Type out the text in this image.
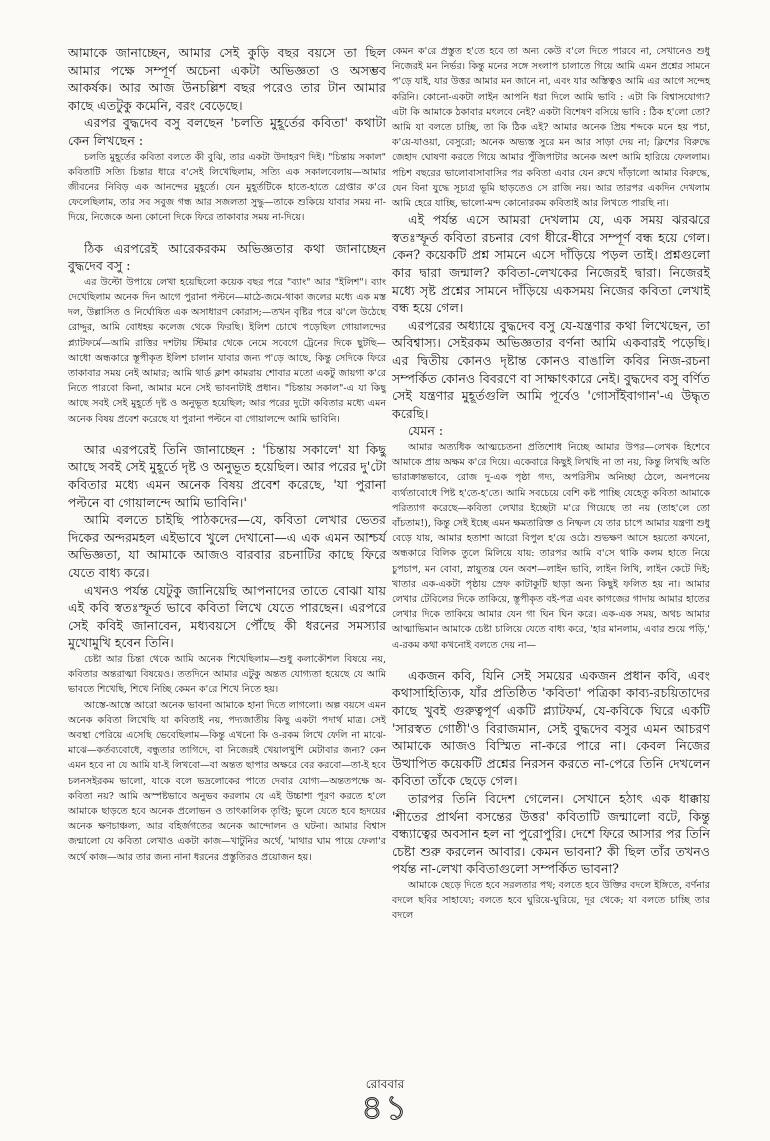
আমাকে জানাচ্ছেন, আমার সেই কুড়ি বছর বয়সে তা ছিল আমার পক্ষে সম্পূর্ণ অচেনা একটা অভিজ্ঞতা ও অসম্ভব আকর্ষক। আর আজ উনচল্লিশ বছর পরেও তার টান আমার কাছে এতটুকু কমেনি, বরং বেড়েছে।

এরপর বুদ্ধদেব বসু বলছেন 'চলতি মুহূর্তের কবিতা' কথাটা কেন লিখছেন :

চলতি মুহূর্তের কবিতা বলতে কী বুঝি, তার একটা উদাহরণ দিই। "চিন্তায় সকাল" কবিতাটি সত্যি চিন্তার ধারে ব'সেই লিখেছিলাম, সত্যি এক সকালবেলায়—আমার জীবনের নিবিড় এক আনন্দের মুহূর্তে। যেন মুহূর্তটিকে হাতে-হাতে গ্রেপ্তার ক'রে ফেলেছিলাম, তার সব সবুজ গন্ধ আর সজলতা সুদ্ধু—তাকে শুকিয়ে যাবার সময় না-দিয়ে, নিজেকে অন্য কোনো দিকে ফিরে তাকাবার সময় না-দিয়ে।

ঠিক এরপরেই আরেকরকম অভিজ্ঞতার কথা জানাচ্ছেন বুদ্ধদেব বসু :

এর উল্টো উপায়ে লেখা হয়েছিলো কয়েক বছর পরে "ব্যাং" আর "ইলিশ"। ব্যাং দেখেছিলাম অনেক দিন আগে পুরানা পল্টনে—মাঠে-জমে-থাকা জলের মধ্যে এক মস্ত দল, উল্লাসিত ও নির্ঘোষিত এক অসাধারণ কোরাস;—তখন বৃষ্টির পরে ঝ'লে উঠেছে রোদ্দুর, আমি বোধহয় কলেজ থেকে ফিরছি। ইলিশ চোখে পড়েছিল গোয়ালন্দের প্ল্যাটফর্মে—আমি রাত্তির দশটায় স্টিমার থেকে নেমে সবেগে ট্রেনের দিকে ছুটছি—আধো অন্ধকারে স্তূপীকৃত ইলিশ চালান যাবার জন্য প'ড়ে আছে, কিন্তু সেদিকে ফিরে তাকাবার সময় নেই আমার; আমি থার্ড ক্লাশ কামরায় শোবার মতো একটু জায়গা ক'রে নিতে পারবো কিনা, আমার মনে সেই ভাবনাটাই প্রধান। "চিন্তায় সকাল"-এ যা কিছু আছে সবই সেই মুহূর্তে দৃষ্ট ও অনুভূত হয়েছিল; আর পরের দুটো কবিতার মধ্যে এমন অনেক বিষয় প্রবেশ করেছে যা পুরানা পল্টনে বা গোয়ালন্দে আমি ভাবিনি।

আর এরপরেই তিনি জানাচ্ছেন : 'চিন্তায় সকালে' যা কিছু আছে সবই সেই মুহূর্তে দৃষ্ট ও অনুভূত হয়েছিল। আর পরের দু'টো কবিতার মধ্যে এমন অনেক বিষয় প্রবেশ করেছে, 'যা পুরানা পল্টনে বা গোয়ালন্দে আমি ভাবিনি।'

আমি বলতে চাইছি পাঠকদের—যে, কবিতা লেখার ভেতর দিকের অন্দরমহল এইভাবে খুলে দেখানো—এ এক এমন আশ্চর্য অভিজ্ঞতা, যা আমাকে আজও বারবার রচনাটির কাছে ফিরে যেতে বাধ্য করে।

এখনও পর্যন্ত যেটুকু জানিয়েছি আপনাদের তাতে বোঝা যায় এই কবি স্বতঃস্ফূর্ত ভাবে কবিতা লিখে যেতে পারছেন। এরপরে সেই কবিই জানাবেন, মধ্যবয়সে পৌঁছে কী ধরনের সমস্যার মুখোমুখি হবেন তিনি।

চেষ্টা আর চিন্তা থেকে আমি অনেক শিখেছিলাম—শুধু কলাকৌশল বিষয়ে নয়, কবিতার অন্তরাত্মা বিষয়েও। ততদিনে আমার এটুকু অন্তত যোগ্যতা হয়েছে যে আমি ভাবতে শিখেছি, শিখে নিচ্ছি কেমন ক'রে শিখে নিতে হয়।

আস্তে-আস্তে আরো অনেক ভাবনা আমাকে হানা দিতে লাগলো। অল্প বয়সে এমন অনেক কবিতা লিখেছি যা কবিতাই নয়, পদ্যজাতীয় কিছু একটা পদার্থ মাত্র। সেই অবস্থা পেরিয়ে এসেছি ভেবেছিলাম—কিন্তু এখনো কি ও-রকম লিখে ফেলি না মাঝে-মাঝে—কর্তব্যবোধে, বন্ধুতার তাগিদে, বা নিজেরই খেয়ালখুশি মেটাবার জন্য? কেন এমন হবে না যে আমি যা-ই লিখবো—বা অন্তত ছাপার অক্ষরে বের করবো—তা-ই হবে চলনসইরকম ভালো, যাকে বলে ভদ্রলোকের পাতে দেবার যোগ্য—অন্ততপক্ষে অ-কবিতা নয়? আমি অস্পষ্টভাবে অনুভব করলাম যে এই উচ্চাশা পূরণ করতে হ'লে আমাকে ছাড়তে হবে অনেক প্রলোভন ও তাৎকালিক তৃপ্তি; ভুলে যেতে হবে হৃদয়ের অনেক ক্ষণচাঞ্চল্য, আর বহির্জগতের অনেক আন্দোলন ও ঘটনা। আমার বিশ্বাস জন্মালো যে কবিতা লেখাও একটা কাজ—খাটুনির অর্থে, 'মাথার ঘাম পায়ে ফেলা'র অর্থে কাজ—আর তার জন্য নানা ধরনের প্রস্তুতিরও প্রয়োজন হয়।

কেমন ক'রে প্রস্তুত হ'তে হবে তা অন্য কেউ ব'লে দিতে পারবে না, সেখানেও শুধু নিজেরই মন নির্ভর। কিন্তু মনের সঙ্গে সংলাপ চালাতে গিয়ে আমি এমন প্রশ্নের সামনে প'ড়ে যাই, যার উত্তর আমার মন জানে না, এবং যার অস্তিত্বও আমি এর আগে সন্দেহ করিনি। কোনো-একটা লাইন আপনি ধরা দিলে আমি ভাবি : এটা কি বিশ্বাসযোগ্য? এটা কি আমাকে ঠকাবার মৎলবে নেই? একটা বিশেষণ বসিয়ে ভাবি : ঠিক হ'লো তো? আমি যা বলতে চাচ্ছি, তা কি ঠিক এই? আমার অনেক প্রিয় শব্দকে মনে হয় পচা, ক'য়ে-যাওয়া, বেসুরো; অনেক অভ্যস্ত সুরে মন আর সাড়া দেয় না; ক্লিশের বিরুদ্ধে জেহাদ ঘোষণা করতে গিয়ে আমার পুঁজিপাটার অনেক অংশ আমি হারিয়ে ফেললাম। পচিশ বছরের ভালোবাসাবাসির পর কবিতা এবার যেন রুখে দাঁড়ালো আমার বিরুদ্ধে, যেন বিনা যুদ্ধে সূচ্যগ্র ভূমি ছাড়তেও সে রাজি নয়। আর তারপর একদিন দেখলাম আমি হেরে যাচ্ছি, ভালো-মন্দ কোনোরকম কবিতাই আর লিখতে পারছি না।

এই পর্যন্ত এসে আমরা দেখলাম যে, এক সময় ঝরঝরে স্বতঃস্ফূর্ত কবিতা রচনার বেগ ধীরে-ধীরে সম্পূর্ণ বন্ধ হয়ে গেল। কেন? কয়েকটি প্রশ্ন সামনে এসে দাঁড়িয়ে পড়ল তাই। প্রশ্নগুলো কার দ্বারা জন্মাল? কবিতা-লেখকের নিজেরই দ্বারা। নিজেরই মধ্যে সৃষ্ট প্রশ্নের সামনে দাঁড়িয়ে একসময় নিজের কবিতা লেখাই বন্ধ হয়ে গেল।

এরপরের অধ্যায়ে বুদ্ধদেব বসু যে-যন্ত্রণার কথা লিখেছেন, তা অবিশ্বাস্য। সেইরকম অভিজ্ঞতার বর্ণনা আমি একবারই পড়েছি। এর দ্বিতীয় কোনও দৃষ্টান্ত কোনও বাঙালি কবির নিজ-রচনা সম্পর্কিত কোনও বিবরণে বা সাক্ষাৎকারে নেই। বুদ্ধদেব বসু বর্ণিত সেই যন্ত্রণার মুহূর্তগুলি আমি পূর্বেও 'গোসাঁইবাগান'-এ উদ্ধৃত করেছি।

যেমন :

আমার অত্যধিক আত্মচেতনা প্রতিশোধ নিচ্ছে আমার উপর—লেখক হিশেবে আমাকে প্রায় অক্ষম ক'রে দিয়ে। একেবারে কিছুই লিখছি না তা নয়, কিন্তু লিখছি অতি ভারাক্রান্তভাবে, রোজ দু-এক পৃষ্ঠা গদ্য, অপরিসীম অনিচ্ছা ঠেলে, অনপনেয় ব্যর্থতাবোধে পিষ্ট হ'তে-হ'তে। আমি সবচেয়ে বেশি কষ্ট পাচ্ছি যেহেতু কবিতা আমাকে পরিত্যাগ করেছে—কবিতা লেখার ইচ্ছেটা ম'রে গিয়েছে তা নয় (তাহ'লে তো বাঁচতাম!), কিন্তু সেই ইচ্ছে এমন ক্ষমতারিক্ত ও নিষ্ফল যে তার চাপে আমার যন্ত্রণা শুধু বেড়ে যায়, আমার হতাশা আরো বিপুল হ'য়ে ওঠে। শুভক্ষণ আসে হয়তো কখনো, অন্ধকারে বিলিক তুলে মিলিয়ে যায়: তারপর আমি ব'সে থাকি কলম হাতে নিয়ে চুপচাপ, মন বোবা, স্নায়ুতন্ত্র যেন অবশ—লাইন ভাবি, লাইন লিখি, লাইন কেটে দিই; খাতার এক-একটা পৃষ্ঠায় স্রেফ কাটাকুটি ছাড়া অন্য কিছুই ফলিত হয় না। আমার লেখার টেবিলের দিকে তাকিয়ে, স্তূপীকৃত বই-পত্র এবং কাগজের গাদায় আমার হাতের লেখার দিকে তাকিয়ে আমার যেন গা ঘিন ঘিন করে। এক-এক সময়, অথচ আমার আত্মাভিমান আমাকে চেষ্টা চালিয়ে যেতে বাধ্য করে, 'হার মানলাম, এবার শুয়ে পড়ি,' এ-রকম কথা কখনোই বলতে দেয় না—

একজন কবি, যিনি সেই সময়ের একজন প্রধান কবি, এবং কথাসাহিত্যিক, যাঁর প্রতিষ্ঠিত 'কবিতা' পত্রিকা কাব্য-রচয়িতাদের কাছে খুবই গুরুত্বপূর্ণ একটি প্ল্যাটফর্ম, যে-কবিকে ঘিরে একটি 'সারস্বত গোষ্ঠী'ও বিরাজমান, সেই বুদ্ধদেব বসুর এমন আচরণ আমাকে আজও বিস্মিত না-করে পারে না। কেবল নিজের উত্থাপিত কয়েকটি প্রশ্নের নিরসন করতে না-পেরে তিনি দেখলেন কবিতা তাঁকে ছেড়ে গেল।

তারপর তিনি বিদেশ গেলেন। সেখানে হঠাৎ এক ধাক্কায় 'শীতের প্রার্থনা বসন্তের উত্তর' কবিতাটি জন্মালো বটে, কিন্তু বন্ধ্যাত্বের অবসান হল না পুরোপুরি। দেশে ফিরে আসার পর তিনি চেষ্টা শুরু করলেন আবার। কেমন ভাবনা? কী ছিল তাঁর তখনও পর্যন্ত না-লেখা কবিতাগুলো সম্পর্কিত ভাবনা?

আমাকে ছেড়ে দিতে হবে সরলতার পথ; বলতে হবে উক্তির বদলে ইঙ্গিতে, বর্ণনার বদলে ছবির সাহায্যে; বলতে হবে ঘুরিয়ে-ঘুরিয়ে, দূর থেকে; যা বলতে চাচ্ছি তার বদলে

রোববার
৪১
